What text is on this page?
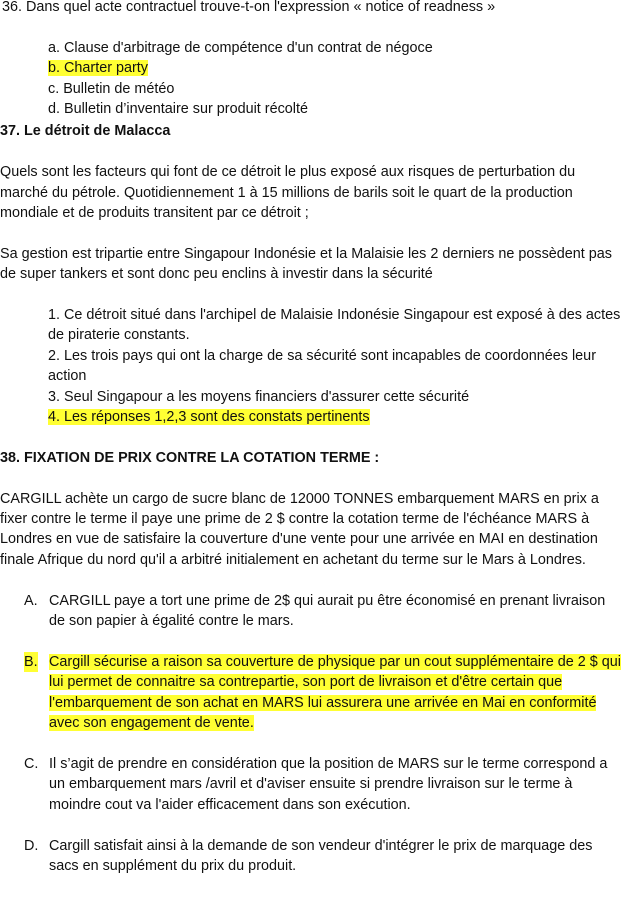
36. Dans quel acte contractuel trouve-t-on l'expression « notice of readness »

a. Clause d'arbitrage de compétence d'un contrat de négoce

b. Charter party

c. Bulletin de météo

d. Bulletin d’inventaire sur produit récolté

37. Le détroit de Malacca

Quels sont les facteurs qui font de ce détroit le plus exposé aux risques de perturbation du marché du pétrole. Quotidiennement 1 à 15 millions de barils soit le quart de la production mondiale et de produits transitent par ce détroit ;

Sa gestion est tripartie entre Singapour Indonésie et la Malaisie les 2 derniers ne possèdent pas de super tankers et sont donc peu enclins à investir dans la sécurité

1. Ce détroit situé dans l'archipel de Malaisie Indonésie Singapour est exposé à des actes de piraterie constants.

2. Les trois pays qui ont la charge de sa sécurité sont incapables de coordonnées leur action

3. Seul Singapour a les moyens financiers d'assurer cette sécurité

4. Les réponses 1,2,3 sont des constats pertinents

38. FIXATION DE PRIX CONTRE LA COTATION TERME :

CARGILL achète un cargo de sucre blanc de 12000 TONNES embarquement MARS en prix a fixer contre le terme il paye une prime de 2 $ contre la cotation terme de l'échéance MARS à Londres en vue de satisfaire la couverture d'une vente pour une arrivée en MAI en destination finale Afrique du nord qu'il a arbitré initialement en achetant du terme sur le Mars à Londres.

A. CARGILL paye a tort une prime de 2$ qui aurait pu être économisé en prenant livraison de son papier à égalité contre le mars.

B. Cargill sécurise a raison sa couverture de physique par un cout supplémentaire de 2 $ qui lui permet de connaitre sa contrepartie, son port de livraison et d'être certain que l'embarquement de son achat en MARS lui assurera une arrivée en Mai en conformité avec son engagement de vente.

C. Il s’agit de prendre en considération que la position de MARS sur le terme correspond a un embarquement mars /avril et d'aviser ensuite si prendre livraison sur le terme à moindre cout va l'aider efficacement dans son exécution.

D. Cargill satisfait ainsi à la demande de son vendeur d'intégrer le prix de marquage des sacs en supplément du prix du produit.
